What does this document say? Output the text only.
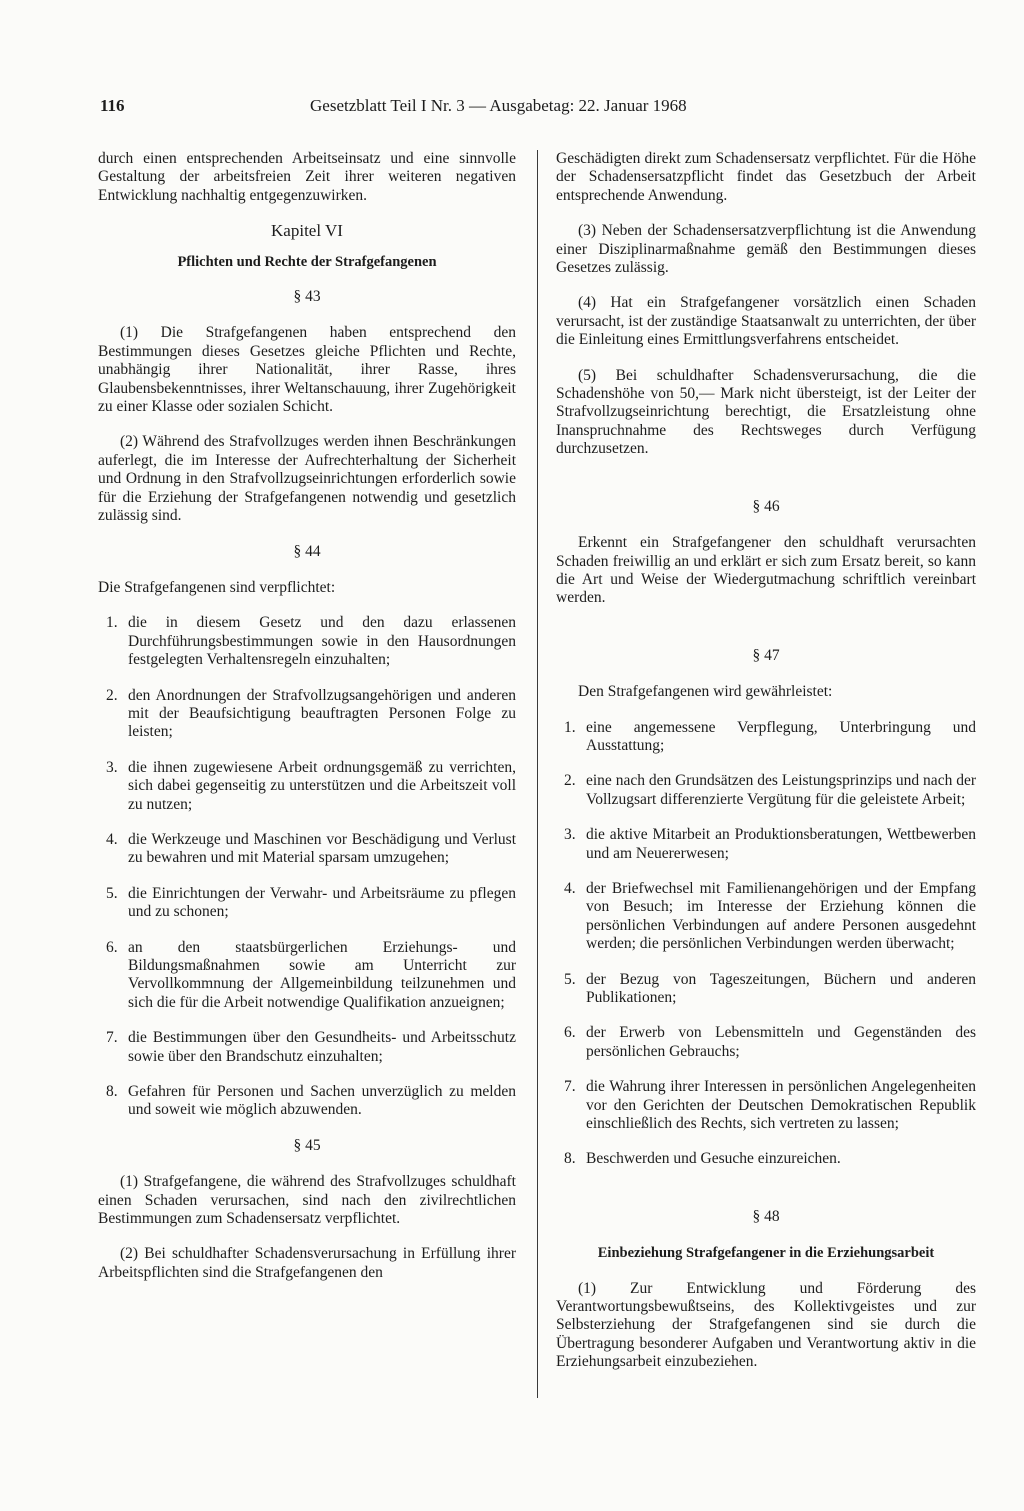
116	Gesetzblatt Teil I Nr. 3 — Ausgabetag: 22. Januar 1968

durch einen entsprechenden Arbeitseinsatz und eine sinnvolle Gestaltung der arbeitsfreien Zeit ihrer weiteren negativen Entwicklung nachhaltig entgegenzuwirken.

Kapitel VI
Pflichten und Rechte der Strafgefangenen
§ 43

(1) Die Strafgefangenen haben entsprechend den Bestimmungen dieses Gesetzes gleiche Pflichten und Rechte, unabhängig ihrer Nationalität, ihrer Rasse, ihres Glaubensbekenntnisses, ihrer Weltanschauung, ihrer Zugehörigkeit zu einer Klasse oder sozialen Schicht.

(2) Während des Strafvollzuges werden ihnen Beschränkungen auferlegt, die im Interesse der Aufrechterhaltung der Sicherheit und Ordnung in den Strafvollzugseinrichtungen erforderlich sowie für die Erziehung der Strafgefangenen notwendig und gesetzlich zulässig sind.

§ 44

Die Strafgefangenen sind verpflichtet:

1. die in diesem Gesetz und den dazu erlassenen Durchführungsbestimmungen sowie in den Hausordnungen festgelegten Verhaltensregeln einzuhalten;
2. den Anordnungen der Strafvollzugsangehörigen und anderen mit der Beaufsichtigung beauftragten Personen Folge zu leisten;
3. die ihnen zugewiesene Arbeit ordnungsgemäß zu verrichten, sich dabei gegenseitig zu unterstützen und die Arbeitszeit voll zu nutzen;
4. die Werkzeuge und Maschinen vor Beschädigung und Verlust zu bewahren und mit Material sparsam umzugehen;
5. die Einrichtungen der Verwahr- und Arbeitsräume zu pflegen und zu schonen;
6. an den staatsbürgerlichen Erziehungs- und Bildungsmaßnahmen sowie am Unterricht zur Vervollkommnung der Allgemeinbildung teilzunehmen und sich die für die Arbeit notwendige Qualifikation anzueignen;
7. die Bestimmungen über den Gesundheits- und Arbeitsschutz sowie über den Brandschutz einzuhalten;
8. Gefahren für Personen und Sachen unverzüglich zu melden und soweit wie möglich abzuwenden.
§ 45

(1) Strafgefangene, die während des Strafvollzuges schuldhaft einen Schaden verursachen, sind nach den zivilrechtlichen Bestimmungen zum Schadensersatz verpflichtet.

(2) Bei schuldhafter Schadensverursachung in Erfüllung ihrer Arbeitspflichten sind die Strafgefangenen den

Geschädigten direkt zum Schadensersatz verpflichtet. Für die Höhe der Schadensersatzpflicht findet das Gesetzbuch der Arbeit entsprechende Anwendung.

(3) Neben der Schadensersatzverpflichtung ist die Anwendung einer Disziplinarmaßnahme gemäß den Bestimmungen dieses Gesetzes zulässig.

(4) Hat ein Strafgefangener vorsätzlich einen Schaden verursacht, ist der zuständige Staatsanwalt zu unterrichten, der über die Einleitung eines Ermittlungsverfahrens entscheidet.

(5) Bei schuldhafter Schadensverursachung, die die Schadenshöhe von 50,— Mark nicht übersteigt, ist der Leiter der Strafvollzugseinrichtung berechtigt, die Ersatzleistung ohne Inanspruchnahme des Rechtsweges durch Verfügung durchzusetzen.

§ 46

Erkennt ein Strafgefangener den schuldhaft verursachten Schaden freiwillig an und erklärt er sich zum Ersatz bereit, so kann die Art und Weise der Wiedergutmachung schriftlich vereinbart werden.

§ 47

Den Strafgefangenen wird gewährleistet:

1. eine angemessene Verpflegung, Unterbringung und Ausstattung;
2. eine nach den Grundsätzen des Leistungsprinzips und nach der Vollzugsart differenzierte Vergütung für die geleistete Arbeit;
3. die aktive Mitarbeit an Produktionsberatungen, Wettbewerben und am Neuererwesen;
4. der Briefwechsel mit Familienangehörigen und der Empfang von Besuch; im Interesse der Erziehung können die persönlichen Verbindungen auf andere Personen ausgedehnt werden; die persönlichen Verbindungen werden überwacht;
5. der Bezug von Tageszeitungen, Büchern und anderen Publikationen;
6. der Erwerb von Lebensmitteln und Gegenständen des persönlichen Gebrauchs;
7. die Wahrung ihrer Interessen in persönlichen Angelegenheiten vor den Gerichten der Deutschen Demokratischen Republik einschließlich des Rechts, sich vertreten zu lassen;
8. Beschwerden und Gesuche einzureichen.
§ 48
Einbeziehung Strafgefangener in die Erziehungsarbeit

(1) Zur Entwicklung und Förderung des Verantwortungsbewußtseins, des Kollektivgeistes und zur Selbsterziehung der Strafgefangenen sind sie durch die Übertragung besonderer Aufgaben und Verantwortung aktiv in die Erziehungsarbeit einzubeziehen.
